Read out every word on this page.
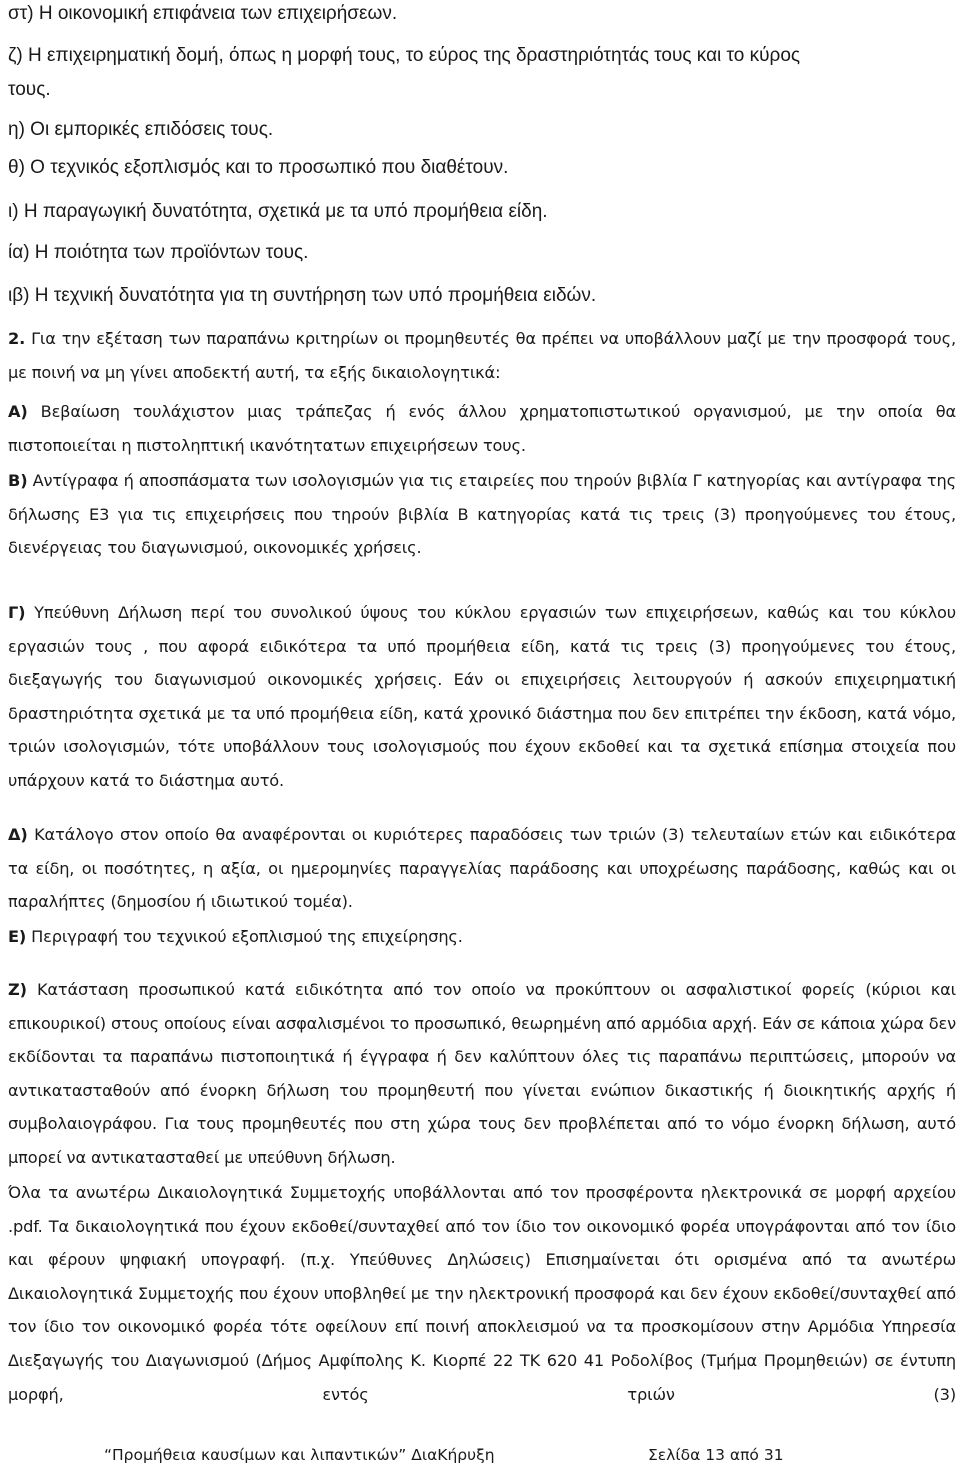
στ) Η οικονομική επιφάνεια των επιχειρήσεων.

ζ) Η επιχειρηματική δομή, όπως η μορφή τους, το εύρος της δραστηριότητάς τους και το κύρος

τους.

η) Οι εμπορικές επιδόσεις τους.

θ) Ο τεχνικός εξοπλισμός και το προσωπικό που διαθέτουν.

ι) Η παραγωγική δυνατότητα, σχετικά με τα υπό προμήθεια είδη.

ία) Η ποιότητα των προϊόντων τους.

ιβ) Η τεχνική δυνατότητα για τη συντήρηση των υπό προμήθεια ειδών.

2. Για την εξέταση των παραπάνω κριτηρίων οι προμηθευτές θα πρέπει να υποβάλλουν μαζί με την προσφορά τους, με ποινή να μη γίνει αποδεκτή αυτή, τα εξής δικαιολογητικά:

Α) Βεβαίωση τουλάχιστον μιας τράπεζας ή ενός άλλου χρηματοπιστωτικού οργανισμού, με την οποία θα πιστοποιείται η πιστοληπτική ικανότητατων επιχειρήσεων τους.

Β) Αντίγραφα ή αποσπάσματα των ισολογισμών για τις εταιρείες που τηρούν βιβλία Γ κατηγορίας και αντίγραφα της δήλωσης Ε3 για τις επιχειρήσεις που τηρούν βιβλία Β κατηγορίας κατά τις τρεις (3) προηγούμενες του έτους, διενέργειας του διαγωνισμού, οικονομικές χρήσεις.

Γ) Υπεύθυνη Δήλωση περί του συνολικού ύψους του κύκλου εργασιών των επιχειρήσεων, καθώς και του κύκλου εργασιών τους , που αφορά ειδικότερα τα υπό προμήθεια είδη, κατά τις τρεις (3) προηγούμενες του έτους, διεξαγωγής του διαγωνισμού οικονομικές χρήσεις. Εάν οι επιχειρήσεις λειτουργούν ή ασκούν επιχειρηματική δραστηριότητα σχετικά με τα υπό προμήθεια είδη, κατά χρονικό διάστημα που δεν επιτρέπει την έκδοση, κατά νόμο, τριών ισολογισμών, τότε υποβάλλουν τους ισολογισμούς που έχουν εκδοθεί και τα σχετικά επίσημα στοιχεία που υπάρχουν κατά το διάστημα αυτό.

Δ) Κατάλογο στον οποίο θα αναφέρονται οι κυριότερες παραδόσεις των τριών (3) τελευταίων ετών και ειδικότερα τα είδη, οι ποσότητες, η αξία, οι ημερομηνίες παραγγελίας παράδοσης και υποχρέωσης παράδοσης, καθώς και οι παραλήπτες (δημοσίου ή ιδιωτικού τομέα).

Ε) Περιγραφή του τεχνικού εξοπλισμού της επιχείρησης.

Ζ) Κατάσταση προσωπικού κατά ειδικότητα από τον οποίο να προκύπτουν οι ασφαλιστικοί φορείς (κύριοι και επικουρικοί) στους οποίους είναι ασφαλισμένοι το προσωπικό, θεωρημένη από αρμόδια αρχή. Εάν σε κάποια χώρα δεν εκδίδονται τα παραπάνω πιστοποιητικά ή έγγραφα ή δεν καλύπτουν όλες τις παραπάνω περιπτώσεις, μπορούν να αντικατασταθούν από ένορκη δήλωση του προμηθευτή που γίνεται ενώπιον δικαστικής ή διοικητικής αρχής ή συμβολαιογράφου. Για τους προμηθευτές που στη χώρα τους δεν προβλέπεται από το νόμο ένορκη δήλωση, αυτό μπορεί να αντικατασταθεί με υπεύθυνη δήλωση.

Όλα τα ανωτέρω Δικαιολογητικά Συμμετοχής υποβάλλονται από τον προσφέροντα ηλεκτρονικά σε μορφή αρχείου .pdf. Τα δικαιολογητικά που έχουν εκδοθεί/συνταχθεί από τον ίδιο τον οικονομικό φορέα υπογράφονται από τον ίδιο και φέρουν ψηφιακή υπογραφή. (π.χ. Υπεύθυνες Δηλώσεις) Επισημαίνεται ότι ορισμένα από τα ανωτέρω Δικαιολογητικά Συμμετοχής που έχουν υποβληθεί με την ηλεκτρονική προσφορά και δεν έχουν εκδοθεί/συνταχθεί από τον ίδιο τον οικονομικό φορέα τότε οφείλουν επί ποινή αποκλεισμού να τα προσκομίσουν στην Αρμόδια Υπηρεσία Διεξαγωγής του Διαγωνισμού (Δήμος Αμφίπολης Κ. Κιορπέ 22 ΤΚ 620 41 Ροδολίβος (Τμήμα Προμηθειών) σε έντυπη μορφή, εντός τριών (3)

“Προμήθεια καυσίμων και λιπαντικών” ΔιαΚήρυξη	Σελίδα 13 από 31
